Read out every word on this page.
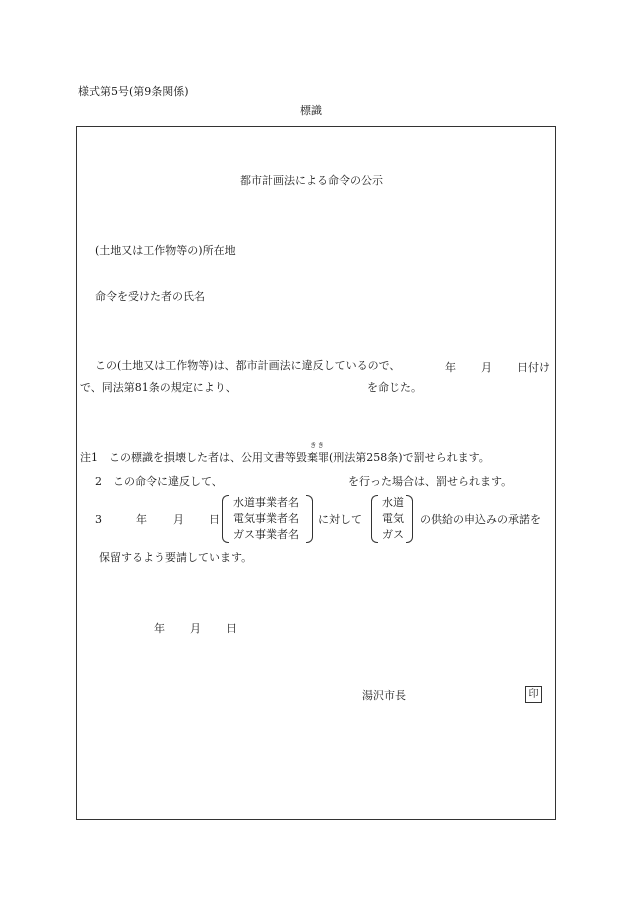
様式第5号(第9条関係)
標識
都市計画法による命令の公示
(土地又は工作物等の)所在地
命令を受けた者の氏名
この(土地又は工作物等)は、都市計画法に違反しているので、	年 月 日付け
で、同法第81条の規定により、	を命じた。
きき
注1　この標識を損壊した者は、公用文書等毀棄罪(刑法第258条)で罰せられます。
2　この命令に違反して、	を行った場合は、罰せられます。
3	年 月 日
水道事業者名
電気事業者名
ガス事業者名
に対して
水道
電気
ガス
の供給の申込みの承諾を
保留するよう要請しています。
年 月 日
湯沢市長	印
